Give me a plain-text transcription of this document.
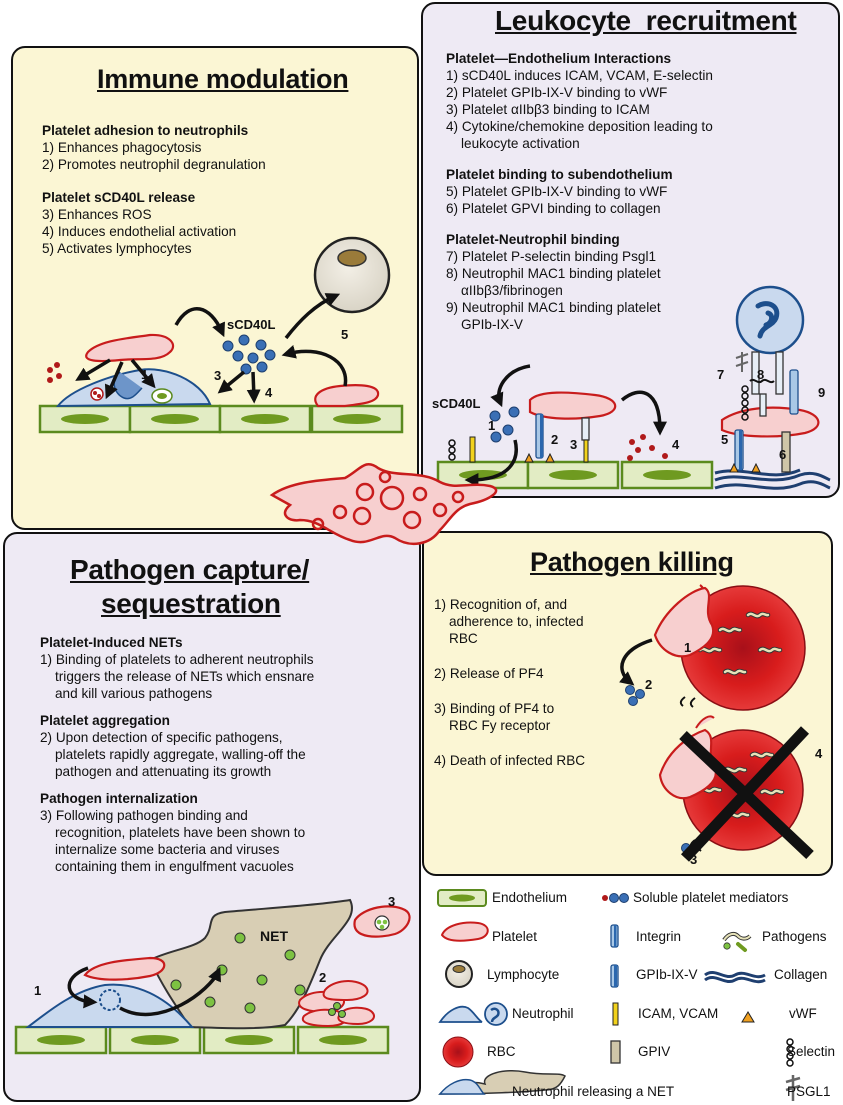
Immune modulation
Platelet adhesion to neutrophils
1) Enhances phagocytosis
2) Promotes neutrophil degranulation
Platelet sCD40L release
3) Enhances ROS
4) Induces endothelial activation
5) Activates lymphocytes
sCD40L
1
2	3
4
5
Leukocyte  recruitment
Platelet—Endothelium Interactions
1) sCD40L induces ICAM, VCAM, E-selectin
2) Platelet GPIb-IX-V binding to vWF
3) Platelet αIIbβ3 binding to ICAM
4) Cytokine/chemokine deposition leading to
leukocyte activation
Platelet binding to subendothelium
5) Platelet GPIb-IX-V binding to vWF
6) Platelet GPVI binding to collagen
Platelet-Neutrophil binding
7) Platelet P-selectin binding Psgl1
8) Neutrophil MAC1 binding platelet
αIIbβ3/fibrinogen
9) Neutrophil MAC1 binding platelet
GPIb-IX-V
sCD40L
1
2 3	4	5
6
7	8
9
Pathogen capture/
sequestration
Platelet-Induced NETs
1) Binding of platelets to adherent neutrophils
triggers the release of NETs which ensnare
and kill various pathogens
Platelet aggregation
2) Upon detection of specific pathogens,
platelets rapidly aggregate, walling-off the
pathogen and attenuating its growth
Pathogen internalization
3) Following pathogen binding and
recognition, platelets have been shown to
internalize some bacteria and viruses
containing them in engulfment vacuoles
NET
1
2
3
Pathogen killing
1) Recognition of, and
adherence to, infected
RBC
2) Release of PF4
3) Binding of PF4 to
RBC Fy receptor
4) Death of infected RBC
1
2
3
4
Endothelium	Soluble platelet mediators
Platelet	Integrin	Pathogens
Lymphocyte	GPIb-IX-V	Collagen
Neutrophil	ICAM, VCAM	vWF
RBC	GPIV	Selectin
Neutrophil releasing a NET	PSGL1
